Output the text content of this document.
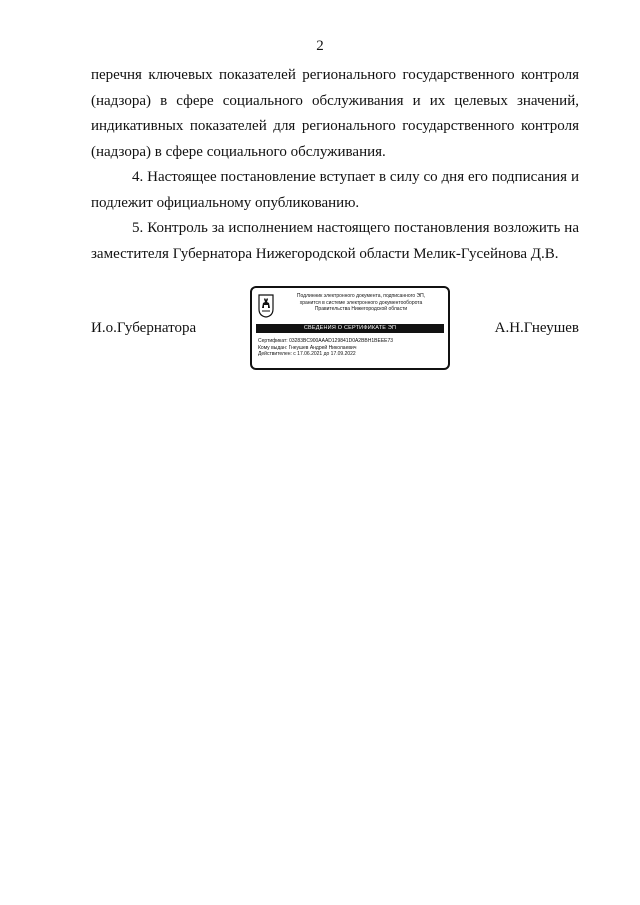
2

перечня ключевых показателей регионального государственного контроля (надзора) в сфере социального обслуживания и их целевых значений, индикативных показателей для регионального государственного контроля (надзора) в сфере социального обслуживания.

4. Настоящее постановление вступает в силу со дня его подписания и подлежит официальному опубликованию.

5. Контроль за исполнением настоящего постановления возложить на заместителя Губернатора Нижегородской области Мелик-Гусейнова Д.В.

И.о.Губернатора	А.Н.Гнеушев
Подлинник электронного документа, подписанного ЭП,
хранится в системе электронного документооборота
Правительства Нижегородской области
СВЕДЕНИЯ О СЕРТИФИКАТЕ ЭП
Сертификат: 03283BC900AAAD129841D0A2BBH1BEEE73
Кому выдан: Гнеушев Андрей Николаевич
Действителен: с 17.06.2021 до 17.09.2022
